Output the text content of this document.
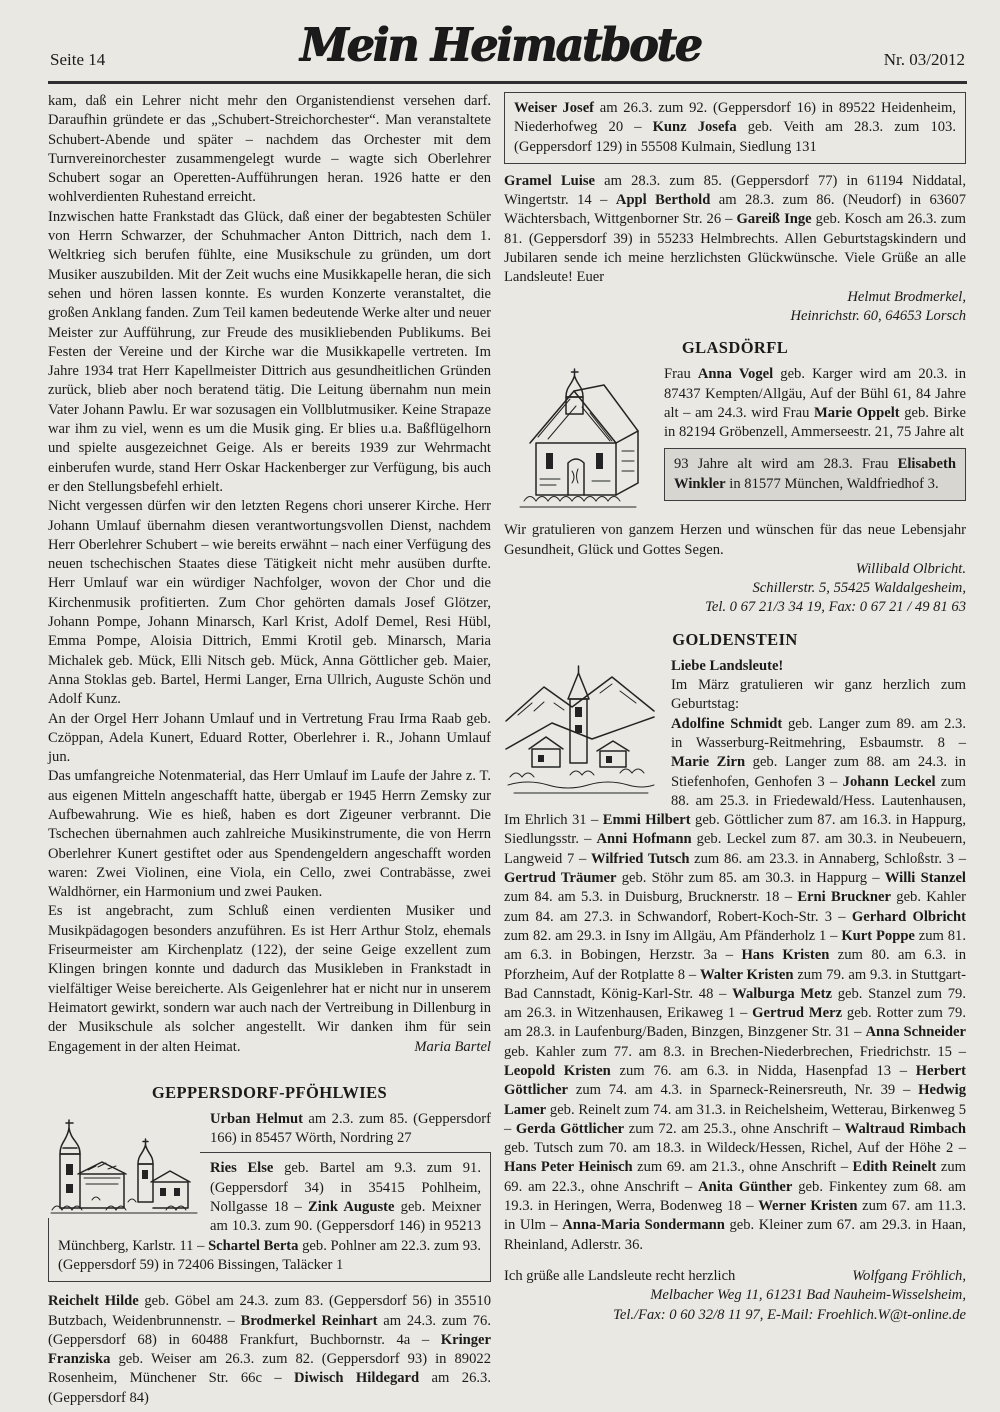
Seite 14	Mein Heimatbote	Nr. 03/2012

kam, daß ein Lehrer nicht mehr den Organistendienst versehen darf. Daraufhin gründete er das „Schubert-Streichorchester“. Man veranstaltete Schubert-Abende und später – nachdem das Orchester mit dem Turnvereinorchester zusammengelegt wurde – wagte sich Oberlehrer Schubert sogar an Operetten-Aufführungen heran. 1926 hatte er den wohlverdienten Ruhestand erreicht.

Inzwischen hatte Frankstadt das Glück, daß einer der begabtesten Schüler von Herrn Schwarzer, der Schuhmacher Anton Dittrich, nach dem 1. Weltkrieg sich berufen fühlte, eine Musikschule zu gründen, um dort Musiker auszubilden. Mit der Zeit wuchs eine Musikkapelle heran, die sich sehen und hören lassen konnte. Es wurden Konzerte veranstaltet, die großen Anklang fanden. Zum Teil kamen bedeutende Werke alter und neuer Meister zur Aufführung, zur Freude des musikliebenden Publikums. Bei Festen der Vereine und der Kirche war die Musikkapelle vertreten. Im Jahre 1934 trat Herr Kapellmeister Dittrich aus gesundheitlichen Gründen zurück, blieb aber noch beratend tätig. Die Leitung übernahm nun mein Vater Johann Pawlu. Er war sozusagen ein Vollblutmusiker. Keine Strapaze war ihm zu viel, wenn es um die Musik ging. Er blies u.a. Baßflügelhorn und spielte ausgezeichnet Geige. Als er bereits 1939 zur Wehrmacht einberufen wurde, stand Herr Oskar Hackenberger zur Verfügung, bis auch er den Stellungsbefehl erhielt.

Nicht vergessen dürfen wir den letzten Regens chori unserer Kirche. Herr Johann Umlauf übernahm diesen verantwortungsvollen Dienst, nachdem Herr Oberlehrer Schubert – wie bereits erwähnt – nach einer Verfügung des neuen tschechischen Staates diese Tätigkeit nicht mehr ausüben durfte. Herr Umlauf war ein würdiger Nachfolger, wovon der Chor und die Kirchenmusik profitierten. Zum Chor gehörten damals Josef Glötzer, Johann Pompe, Johann Minarsch, Karl Krist, Adolf Demel, Resi Hübl, Emma Pompe, Aloisia Dittrich, Emmi Krotil geb. Minarsch, Maria Michalek geb. Mück, Elli Nitsch geb. Mück, Anna Göttlicher geb. Maier, Anna Stoklas geb. Bartel, Hermi Langer, Erna Ullrich, Auguste Schön und Adolf Kunz.

An der Orgel Herr Johann Umlauf und in Vertretung Frau Irma Raab geb. Czöppan, Adela Kunert, Eduard Rotter, Oberlehrer i. R., Johann Umlauf jun.

Das umfangreiche Notenmaterial, das Herr Umlauf im Laufe der Jahre z. T. aus eigenen Mitteln angeschafft hatte, übergab er 1945 Herrn Zemsky zur Aufbewahrung. Wie es hieß, haben es dort Zigeuner verbrannt. Die Tschechen übernahmen auch zahlreiche Musikinstrumente, die von Herrn Oberlehrer Kunert gestiftet oder aus Spendengeldern angeschafft worden waren: Zwei Violinen, eine Viola, ein Cello, zwei Contrabässe, zwei Waldhörner, ein Harmonium und zwei Pauken.

Es ist angebracht, zum Schluß einen verdienten Musiker und Musikpädagogen besonders anzuführen. Es ist Herr Arthur Stolz, ehemals Friseurmeister am Kirchenplatz (122), der seine Geige exzellent zum Klingen bringen konnte und dadurch das Musikleben in Frankstadt in vielfältiger Weise bereicherte. Als Geigenlehrer hat er nicht nur in unserem Heimatort gewirkt, sondern war auch nach der Vertreibung in Dillenburg in der Musikschule als solcher angestellt. Wir danken ihm für sein Engagement in der alten Heimat.	Maria Bartel

GEPPERSDORF-PFÖHLWIES

Urban Helmut am 2.3. zum 85. (Geppersdorf 166) in 85457 Wörth, Nordring 27

Ries Else geb. Bartel am 9.3. zum 91. (Geppersdorf 34) in 35415 Pohlheim, Nollgasse 18 – Zink Auguste geb. Meixner am 10.3. zum 90. (Geppersdorf 146) in 95213 Münchberg, Karlstr. 11 – Schartel Berta geb. Pohlner am 22.3. zum 93. (Geppersdorf 59) in 72406 Bissingen, Taläcker 1

Reichelt Hilde geb. Göbel am 24.3. zum 83. (Geppersdorf 56) in 35510 Butzbach, Weidenbrunnenstr. – Brodmerkel Reinhart am 24.3. zum 76. (Geppersdorf 68) in 60488 Frankfurt, Buchbornstr. 4a – Kringer Franziska geb. Weiser am 26.3. zum 82. (Geppersdorf 93) in 89022 Rosenheim, Münchener Str. 66c – Diwisch Hildegard am 26.3. (Geppersdorf 84)

Weiser Josef am 26.3. zum 92. (Geppersdorf 16) in 89522 Heidenheim, Niederhofweg 20 – Kunz Josefa geb. Veith am 28.3. zum 103. (Geppersdorf 129) in 55508 Kulmain, Siedlung 131

Gramel Luise am 28.3. zum 85. (Geppersdorf 77) in 61194 Niddatal, Wingertstr. 14 – Appl Berthold am 28.3. zum 86. (Neudorf) in 63607 Wächtersbach, Wittgenborner Str. 26 – Gareiß Inge geb. Kosch am 26.3. zum 81. (Geppersdorf 39) in 55233 Helmbrechts. Allen Geburtstagskindern und Jubilaren sende ich meine herzlichsten Glückwünsche. Viele Grüße an alle Landsleute! Euer

Helmut Brodmerkel,
Heinrichstr. 60, 64653 Lorsch
GLASDÖRFL

Frau Anna Vogel geb. Karger wird am 20.3. in 87437 Kempten/Allgäu, Auf der Bühl 61, 84 Jahre alt – am 24.3. wird Frau Marie Oppelt geb. Birke in 82194 Gröbenzell, Ammerseestr. 21, 75 Jahre alt

93 Jahre alt wird am 28.3. Frau Elisabeth Winkler in 81577 München, Waldfriedhof 3.

Wir gratulieren von ganzem Herzen und wünschen für das neue Lebensjahr Gesundheit, Glück und Gottes Segen.

Willibald Olbricht.
Schillerstr. 5, 55425 Waldalgesheim,
Tel. 0 67 21/3 34 19, Fax: 0 67 21 / 49 81 63
GOLDENSTEIN

Liebe Landsleute!

Im März gratulieren wir ganz herzlich zum Geburtstag:

Adolfine Schmidt geb. Langer zum 89. am 2.3. in Wasserburg-Reitmehring, Esbaumstr. 8 – Marie Zirn geb. Langer zum 88. am 24.3. in Stiefenhofen, Genhofen 3 – Johann Leckel zum 88. am 25.3. in Friedewald/Hess. Lautenhausen, Im Ehrlich 31 – Emmi Hilbert geb. Göttlicher zum 87. am 16.3. in Happurg, Siedlungsstr. – Anni Hofmann geb. Leckel zum 87. am 30.3. in Neubeuern, Langweid 7 – Wilfried Tutsch zum 86. am 23.3. in Annaberg, Schloßstr. 3 – Gertrud Träumer geb. Stöhr zum 85. am 30.3. in Happurg – Willi Stanzel zum 84. am 5.3. in Duisburg, Brucknerstr. 18 – Erni Bruckner geb. Kahler zum 84. am 27.3. in Schwandorf, Robert-Koch-Str. 3 – Gerhard Olbricht zum 82. am 29.3. in Isny im Allgäu, Am Pfänderholz 1 – Kurt Poppe zum 81. am 6.3. in Bobingen, Herzstr. 3a – Hans Kristen zum 80. am 6.3. in Pforzheim, Auf der Rotplatte 8 – Walter Kristen zum 79. am 9.3. in Stuttgart-Bad Cannstadt, König-Karl-Str. 48 – Walburga Metz geb. Stanzel zum 79. am 26.3. in Witzenhausen, Erikaweg 1 – Gertrud Merz geb. Rotter zum 79. am 28.3. in Laufenburg/Baden, Binzgen, Binzgener Str. 31 – Anna Schneider geb. Kahler zum 77. am 8.3. in Brechen-Niederbrechen, Friedrichstr. 15 – Leopold Kristen zum 76. am 6.3. in Nidda, Hasenpfad 13 – Herbert Göttlicher zum 74. am 4.3. in Sparneck-Reinersreuth, Nr. 39 – Hedwig Lamer geb. Reinelt zum 74. am 31.3. in Reichelsheim, Wetterau, Birkenweg 5 – Gerda Göttlicher zum 72. am 25.3., ohne Anschrift – Waltraud Rimbach geb. Tutsch zum 70. am 18.3. in Wildeck/Hessen, Richel, Auf der Höhe 2 – Hans Peter Heinisch zum 69. am 21.3., ohne Anschrift – Edith Reinelt zum 69. am 22.3., ohne Anschrift – Anita Günther geb. Finkentey zum 68. am 19.3. in Heringen, Werra, Bodenweg 18 – Werner Kristen zum 67. am 11.3. in Ulm – Anna-Maria Sondermann geb. Kleiner zum 67. am 29.3. in Haan, Rheinland, Adlerstr. 36.

Ich grüße alle Landsleute recht herzlich	Wolfgang Fröhlich,

Melbacher Weg 11, 61231 Bad Nauheim-Wisselsheim,
Tel./Fax: 0 60 32/8 11 97, E-Mail: Froehlich.W@t-online.de
